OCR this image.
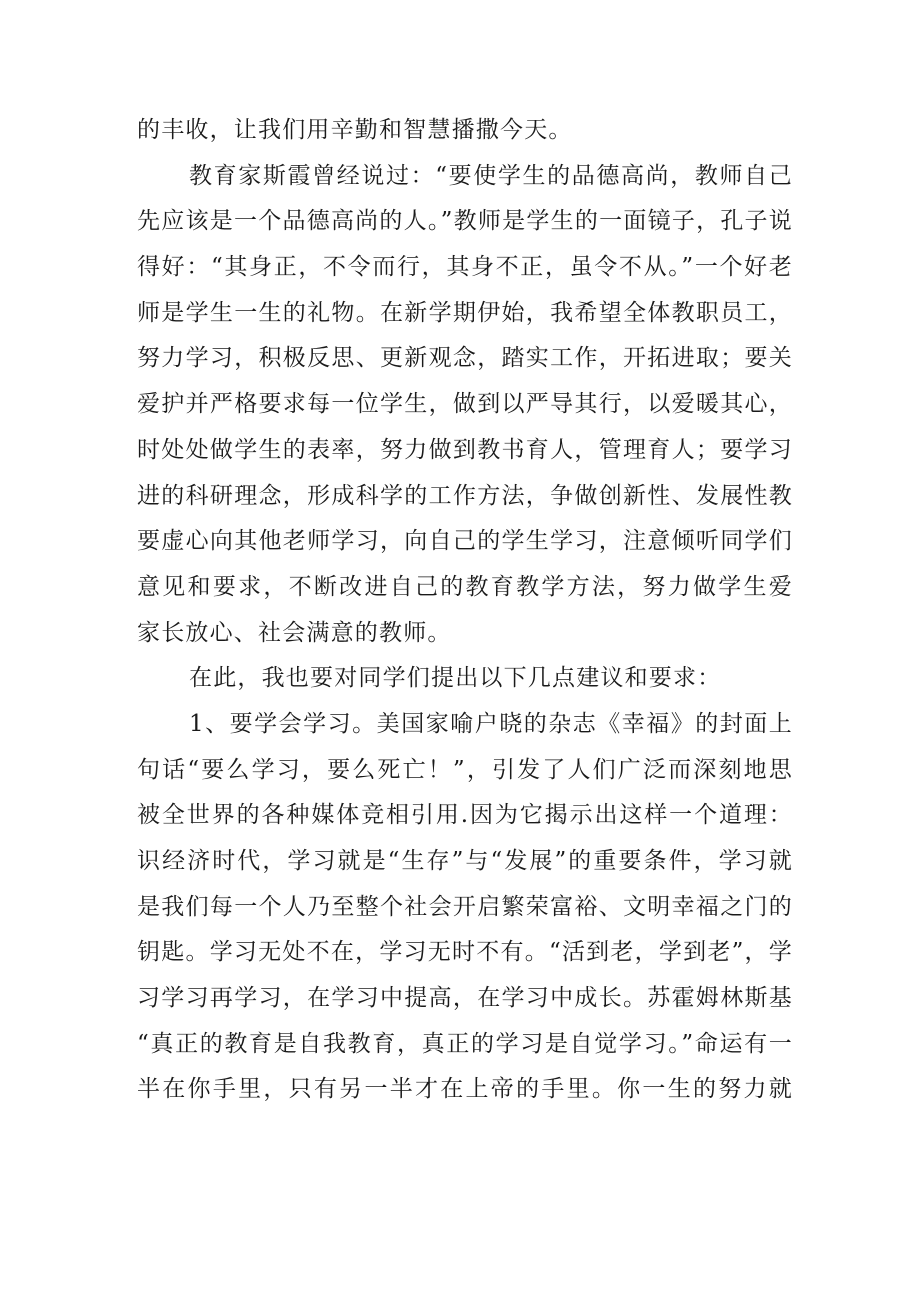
的丰收，让我们用辛勤和智慧播撒今天。
教育家斯霞曾经说过：“要使学生的品德高尚，教师自己
先应该是一个品德高尚的人。”教师是学生的一面镜子，孔子说
得好：“其身正，不令而行，其身不正，虽令不从。”一个好老
师是学生一生的礼物。在新学期伊始，我希望全体教职员工，
努力学习，积极反思、更新观念，踏实工作，开拓进取；要关
爱护并严格要求每一位学生，做到以严导其行，以爱暖其心，
时处处做学生的表率，努力做到教书育人，管理育人；要学习
进的科研理念，形成科学的工作方法，争做创新性、发展性教
要虚心向其他老师学习，向自己的学生学习，注意倾听同学们
意见和要求，不断改进自己的教育教学方法，努力做学生爱
家长放心、社会满意的教师。
在此，我也要对同学们提出以下几点建议和要求：
1、要学会学习。美国家喻户晓的杂志《幸福》的封面上
句话“要么学习，要么死亡！”，引发了人们广泛而深刻地思
被全世界的各种媒体竞相引用.因为它揭示出这样一个道理：
识经济时代，学习就是“生存”与“发展”的重要条件，学习就
是我们每一个人乃至整个社会开启繁荣富裕、文明幸福之门的
钥匙。学习无处不在，学习无时不有。“活到老，学到老”，学
习学习再学习，在学习中提高，在学习中成长。苏霍姆林斯基
“真正的教育是自我教育，真正的学习是自觉学习。”命运有一
半在你手里，只有另一半才在上帝的手里。你一生的努力就
